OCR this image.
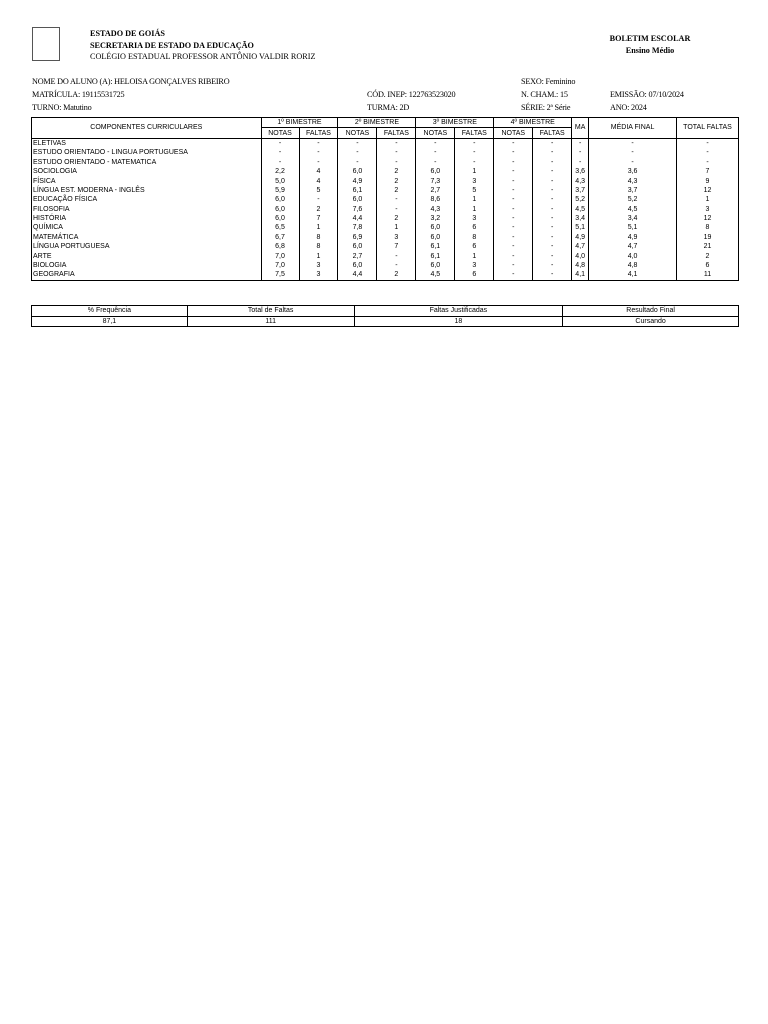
ESTADO DE GOIÁS
SECRETARIA DE ESTADO DA EDUCAÇÃO
COLÉGIO ESTADUAL PROFESSOR ANTÔNIO VALDIR RORIZ
BOLETIM ESCOLAR
Ensino Médio
NOME DO ALUNO (A): HELOISA GONÇALVES RIBEIRO	SEXO: Feminino
MATRÍCULA: 19115531725	CÓD. INEP: 122763523020	N. CHAM.: 15	EMISSÃO: 07/10/2024
TURNO: Matutino	TURMA: 2D	SÉRIE: 2ª Série	ANO: 2024
COMPONENTES CURRICULARES	1º BIMESTRE		2º BIMESTRE		3º BIMESTRE		4º BIMESTRE		MA	MÉDIA FINAL	TOTAL FALTAS
	NOTAS	FALTAS	NOTAS	FALTAS	NOTAS	FALTAS	NOTAS	FALTAS			
ELETIVAS	-	-	-	-	-	-	-	-	-	-	-
ESTUDO ORIENTADO - LINGUA PORTUGUESA	-	-	-	-	-	-	-	-	-	-	-
ESTUDO ORIENTADO - MATEMATICA	-	-	-	-	-	-	-	-	-	-	-
SOCIOLOGIA	2,2	4	6,0	2	6,0	1	-	-	3,6	3,6	7
FÍSICA	5,0	4	4,9	2	7,3	3	-	-	4,3	4,3	9
LÍNGUA EST. MODERNA - INGLÊS	5,9	5	6,1	2	2,7	5	-	-	3,7	3,7	12
EDUCAÇÃO FÍSICA	6,0	-	6,0	-	8,6	1	-	-	5,2	5,2	1
FILOSOFIA	6,0	2	7,6	-	4,3	1	-	-	4,5	4,5	3
HISTÓRIA	6,0	7	4,4	2	3,2	3	-	-	3,4	3,4	12
QUÍMICA	6,5	1	7,8	1	6,0	6	-	-	5,1	5,1	8
MATEMÁTICA	6,7	8	6,9	3	6,0	8	-	-	4,9	4,9	19
LÍNGUA PORTUGUESA	6,8	8	6,0	7	6,1	6	-	-	4,7	4,7	21
ARTE	7,0	1	2,7	-	6,1	1	-	-	4,0	4,0	2
BIOLOGIA	7,0	3	6,0	-	6,0	3	-	-	4,8	4,8	6
GEOGRAFIA	7,5	3	4,4	2	4,5	6	-	-	4,1	4,1	11
% Frequência	Total de Faltas	Faltas Justificadas	Resultado Final
87,1	111	18	Cursando
